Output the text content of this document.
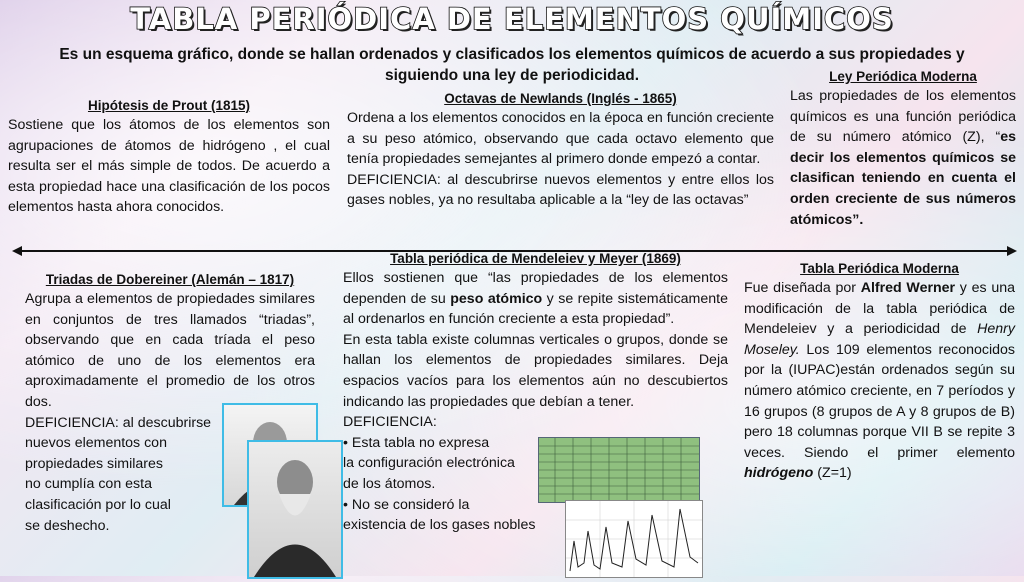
TABLA PERIÓDICA DE ELEMENTOS QUÍMICOS
Es un esquema gráfico, donde se hallan ordenados y clasificados los elementos químicos de acuerdo a sus propiedades y siguiendo una ley de periodicidad.
Hipótesis de Prout (1815)

Sostiene que los átomos de los elementos son agrupaciones de átomos de hidrógeno , el cual resulta ser el más simple de todos. De acuerdo a esta propiedad hace una clasificación de los pocos elementos hasta ahora conocidos.

Octavas de Newlands (Inglés - 1865)

Ordena a los elementos conocidos en la época en función creciente a su peso atómico, observando que cada octavo elemento que tenía propiedades semejantes al primero donde empezó a contar.

DEFICIENCIA: al descubrirse nuevos elementos y entre ellos los gases nobles, ya no resultaba aplicable a la “ley de las octavas”

Ley Periódica Moderna

Las propiedades de los elementos químicos es una función periódica de su número atómico (Z), “es decir los elementos químicos se clasifican teniendo en cuenta el orden creciente de sus números atómicos”.

Triadas de Dobereiner (Alemán – 1817)

Agrupa a elementos de propiedades similares en conjuntos de tres llamados “triadas”, observando que en cada tríada el peso atómico de uno de los elementos era aproximadamente el promedio de los otros dos.

DEFICIENCIA: al descubrirse

nuevos elementos con

propiedades similares

no cumplía con esta

clasificación por lo cual

se deshecho.

Tabla periódica de Mendeleiev y Meyer (1869)

Ellos sostienen que “las propiedades de los elementos dependen de su peso atómico y se repite sistemáticamente al ordenarlos en función creciente a esta propiedad”.

En esta tabla existe columnas verticales o grupos, donde se hallan los elementos de propiedades similares. Deja espacios vacíos para los elementos aún no descubiertos indicando las propiedades que debían a tener.

DEFICIENCIA:

• Esta tabla no expresa

la configuración electrónica

de los átomos.

• No se consideró la

existencia de los gases nobles

Tabla Periódica Moderna

Fue diseñada por Alfred Werner y es una modificación de la tabla periódica de Mendeleiev y a periodicidad de Henry Moseley. Los 109 elementos reconocidos por la (IUPAC)están ordenados según su número atómico creciente, en 7 períodos y 16 grupos (8 grupos de A y 8 grupos de B) pero 18 columnas porque VII B se repite 3 veces. Siendo el primer elemento hidrógeno (Z=1)
